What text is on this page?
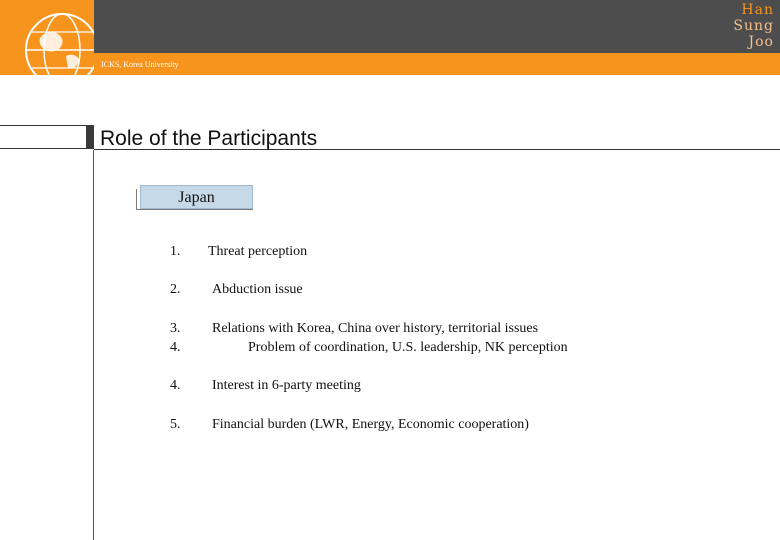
ICKS, Korea University
Han
Sung
Joo
Role of the Participants
Japan
1. Threat perception
2. Abduction issue
3. Relations with Korea, China over history, territorial issues
4.	Problem of coordination, U.S. leadership, NK perception
4. Interest in 6-party meeting
5. Financial burden (LWR, Energy, Economic cooperation)
